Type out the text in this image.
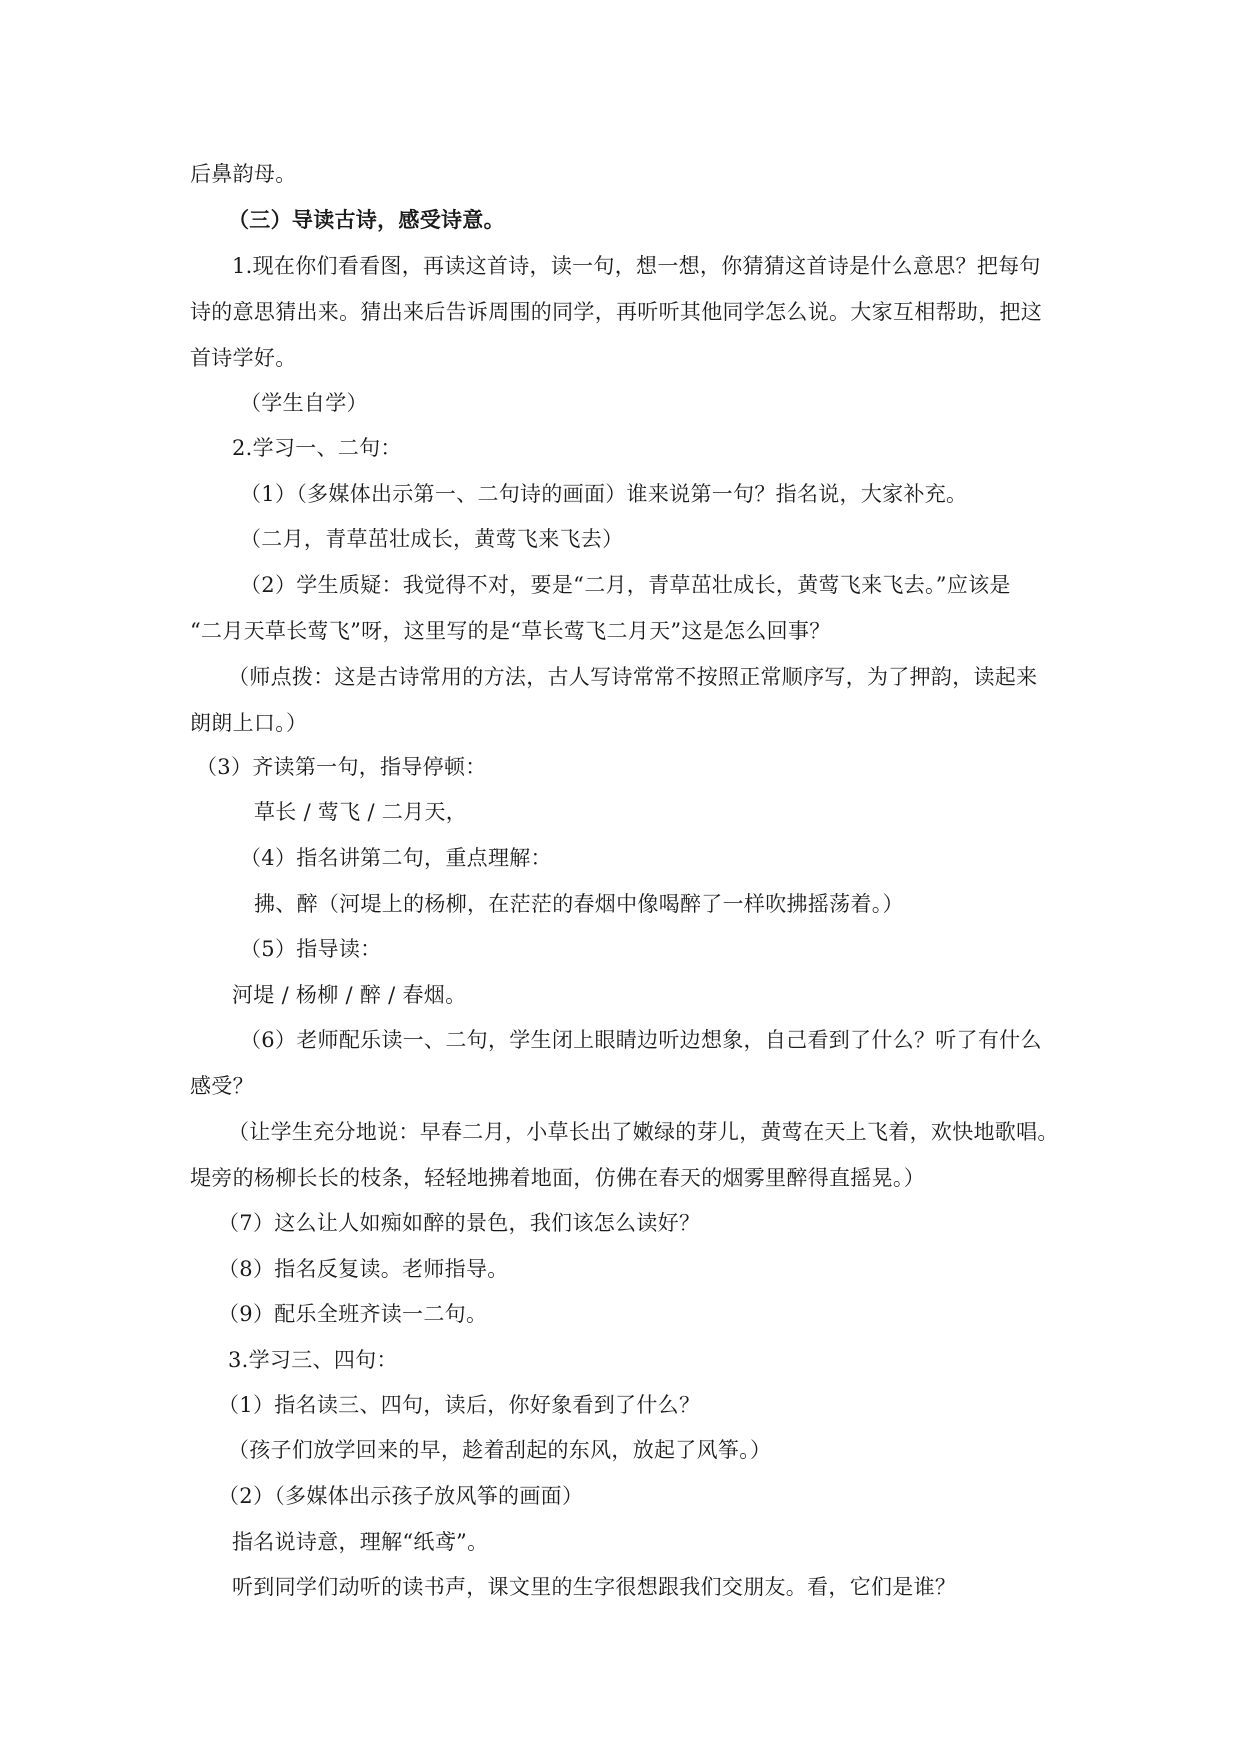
后鼻韵母。
（三）导读古诗，感受诗意。
1.现在你们看看图，再读这首诗，读一句，想一想，你猜猜这首诗是什么意思？把每句
诗的意思猜出来。猜出来后告诉周围的同学，再听听其他同学怎么说。大家互相帮助，把这
首诗学好。
（学生自学）
2.学习一、二句：
（1）（多媒体出示第一、二句诗的画面）谁来说第一句？指名说，大家补充。
（二月，青草茁壮成长，黄莺飞来飞去）
（2）学生质疑：我觉得不对，要是“二月，青草茁壮成长，黄莺飞来飞去。”应该是
“二月天草长莺飞”呀，这里写的是“草长莺飞二月天”这是怎么回事？
（师点拨：这是古诗常用的方法，古人写诗常常不按照正常顺序写，为了押韵，读起来
朗朗上口。）
（3）齐读第一句，指导停顿：
草长 / 莺飞 / 二月天，
（4）指名讲第二句，重点理解：
拂、醉（河堤上的杨柳，在茫茫的春烟中像喝醉了一样吹拂摇荡着。）
（5）指导读：
河堤 / 杨柳 / 醉 / 春烟。
（6）老师配乐读一、二句，学生闭上眼睛边听边想象，自己看到了什么？听了有什么
感受？
（让学生充分地说：早春二月，小草长出了嫩绿的芽儿，黄莺在天上飞着，欢快地歌唱。
堤旁的杨柳长长的枝条，轻轻地拂着地面，仿佛在春天的烟雾里醉得直摇晃。）
（7）这么让人如痴如醉的景色，我们该怎么读好？
（8）指名反复读。老师指导。
（9）配乐全班齐读一二句。
3.学习三、四句：
（1）指名读三、四句，读后，你好象看到了什么？
（孩子们放学回来的早，趁着刮起的东风，放起了风筝。）
（2）（多媒体出示孩子放风筝的画面）
指名说诗意，理解“纸鸢”。
听到同学们动听的读书声，课文里的生字很想跟我们交朋友。看，它们是谁？
